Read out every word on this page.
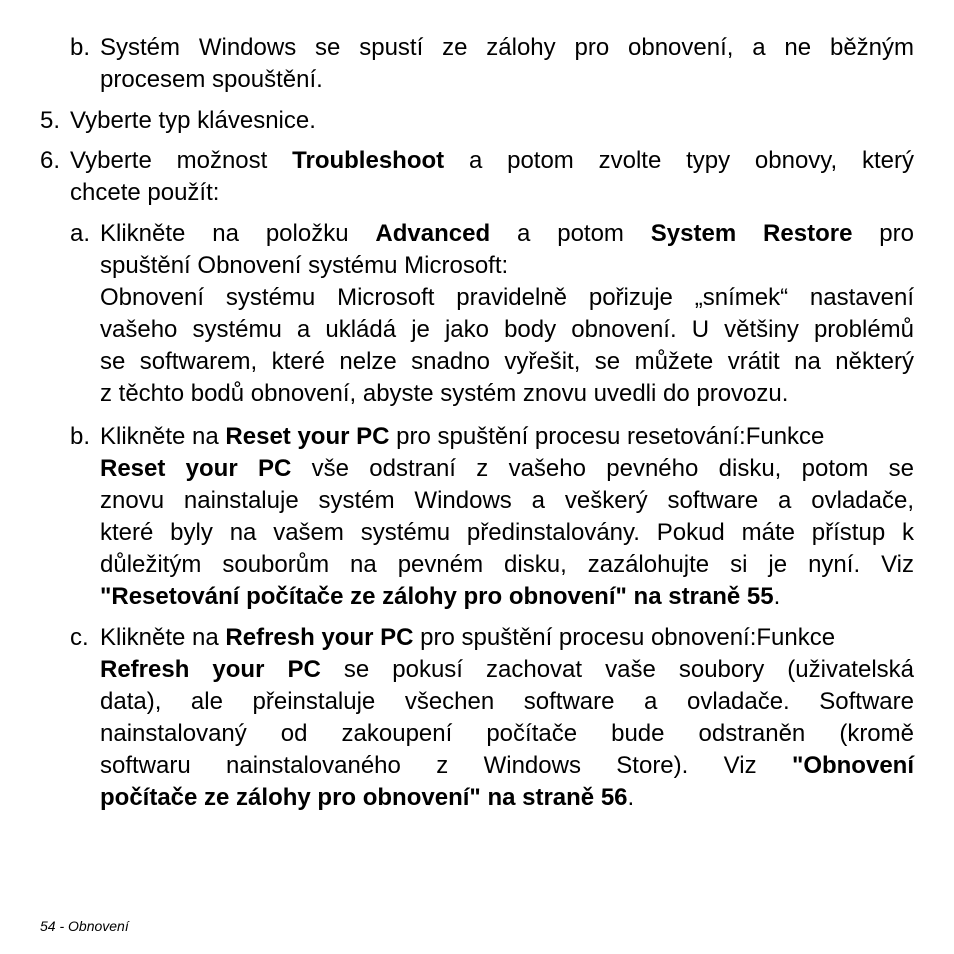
b. Systém Windows se spustí ze zálohy pro obnovení, a ne běžným
procesem spouštění.
5. Vyberte typ klávesnice.
6. Vyberte možnost Troubleshoot a potom zvolte typy obnovy, který
chcete použít:
a. Klikněte na položku Advanced a potom System Restore pro
spuštění Obnovení systému Microsoft:
Obnovení systému Microsoft pravidelně pořizuje „snímek“ nastavení
vašeho systému a ukládá je jako body obnovení. U většiny problémů
se softwarem, které nelze snadno vyřešit, se můžete vrátit na některý
z těchto bodů obnovení, abyste systém znovu uvedli do provozu.
b. Klikněte na Reset your PC pro spuštění procesu resetování:Funkce
Reset your PC vše odstraní z vašeho pevného disku, potom se
znovu nainstaluje systém Windows a veškerý software a ovladače,
které byly na vašem systému předinstalovány. Pokud máte přístup k
důležitým souborům na pevném disku, zazálohujte si je nyní. Viz
"Resetování počítače ze zálohy pro obnovení" na straně 55.
c. Klikněte na Refresh your PC pro spuštění procesu obnovení:Funkce
Refresh your PC se pokusí zachovat vaše soubory (uživatelská
data), ale přeinstaluje všechen software a ovladače. Software
nainstalovaný od zakoupení počítače bude odstraněn (kromě
softwaru nainstalovaného z Windows Store). Viz "Obnovení
počítače ze zálohy pro obnovení" na straně 56.
54 - Obnovení
